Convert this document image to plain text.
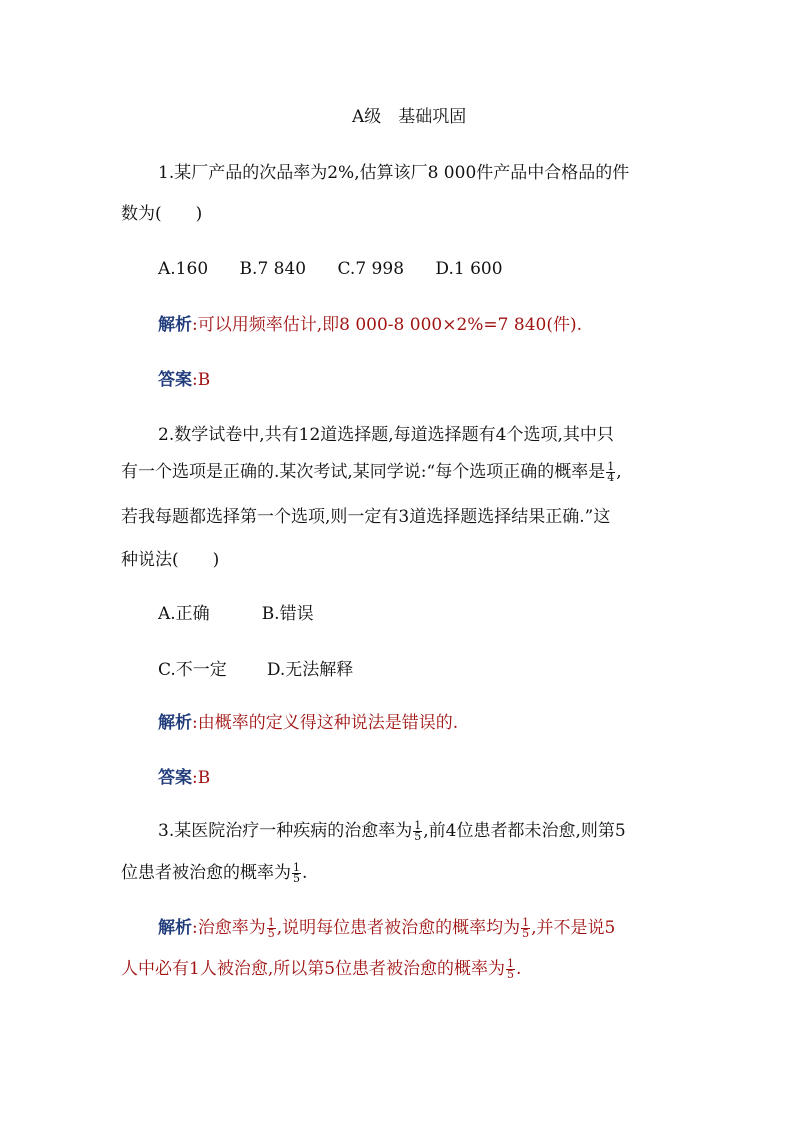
A级　基础巩固
1.某厂产品的次品率为2%,估算该厂8 000件产品中合格品的件
数为(　　)
A.160 B.7 840 C.7 998 D.1 600
解析:可以用频率估计,即8 000-8 000×2%=7 840(件).
答案:B
2.数学试卷中,共有12道选择题,每道选择题有4个选项,其中只
有一个选项是正确的.某次考试,某同学说:“每个选项正确的概率是 $\frac{1}{4}$ ,
若我每题都选择第一个选项,则一定有3道选择题选择结果正确.”这
种说法(　　)
A.正确	B.错误
C.不一定 D.无法解释
解析:由概率的定义得这种说法是错误的.
答案:B
3.某医院治疗一种疾病的治愈率为 $\frac{1}{5}$ ,前4位患者都未治愈,则第5
位患者被治愈的概率为 $\frac{1}{5}$ .
解析:治愈率为 $\frac{1}{5}$ ,说明每位患者被治愈的概率均为 $\frac{1}{5}$ ,并不是说5
人中必有1人被治愈,所以第5位患者被治愈的概率为 $\frac{1}{5}$ .
